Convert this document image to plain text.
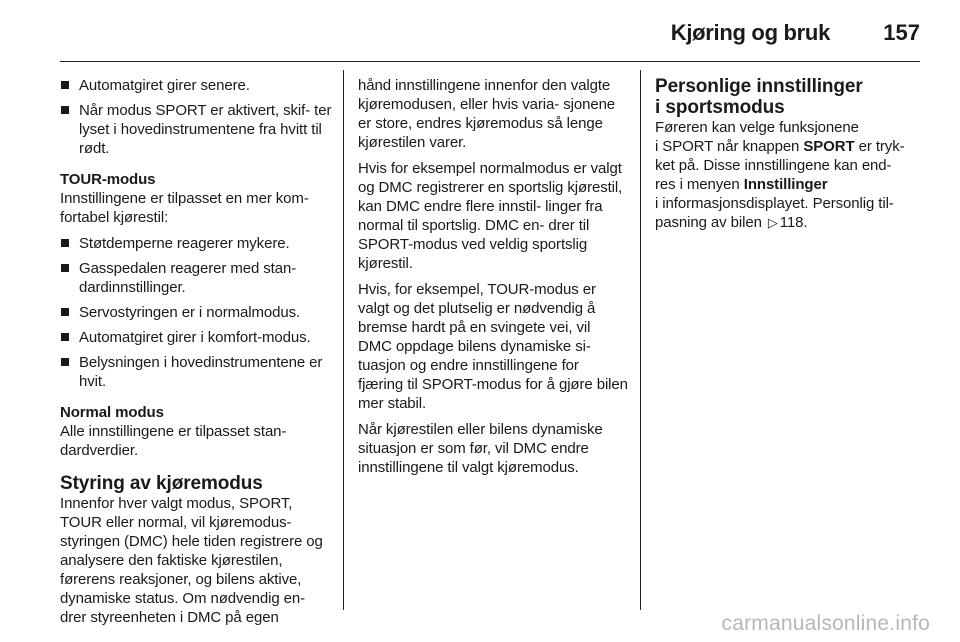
Kjøring og bruk 157
Automatgiret girer senere.
Når modus SPORT er aktivert, skif- ter lyset i hovedinstrumentene fra hvitt til rødt.
TOUR-modus
Innstillingene er tilpasset en mer kom- fortabel kjørestil:
Støtdemperne reagerer mykere.
Gasspedalen reagerer med stan- dardinnstillinger.
Servostyringen er i normalmodus.
Automatgiret girer i komfort-modus.
Belysningen i hovedinstrumentene er hvit.
Normal modus
Alle innstillingene er tilpasset stan- dardverdier.
Styring av kjøremodus
Innenfor hver valgt modus, SPORT, TOUR eller normal, vil kjøremodus- styringen (DMC) hele tiden registrere og analysere den faktiske kjørestilen, førerens reaksjoner, og bilens aktive, dynamiske status. Om nødvendig en- drer styreenheten i DMC på egen
hånd innstillingene innenfor den valgte kjøremodusen, eller hvis varia- sjonene er store, endres kjøremodus så lenge kjørestilen varer.
Hvis for eksempel normalmodus er valgt og DMC registrerer en sportslig kjørestil, kan DMC endre flere innstil- linger fra normal til sportslig. DMC en- drer til SPORT-modus ved veldig sportslig kjørestil.
Hvis, for eksempel, TOUR-modus er valgt og det plutselig er nødvendig å bremse hardt på en svingete vei, vil DMC oppdage bilens dynamiske si- tuasjon og endre innstillingene for fjæring til SPORT-modus for å gjøre bilen mer stabil.
Når kjørestilen eller bilens dynamiske situasjon er som før, vil DMC endre innstillingene til valgt kjøremodus.
Personlige innstillinger
i sportsmodus
Føreren kan velge funksjonene
i SPORT når knappen SPORT er tryk-
ket på. Disse innstillingene kan end-
res i menyen Innstillinger
i informasjonsdisplayet. Personlig til-
pasning av bilen ▷ 118.
carmanualsonline.info
